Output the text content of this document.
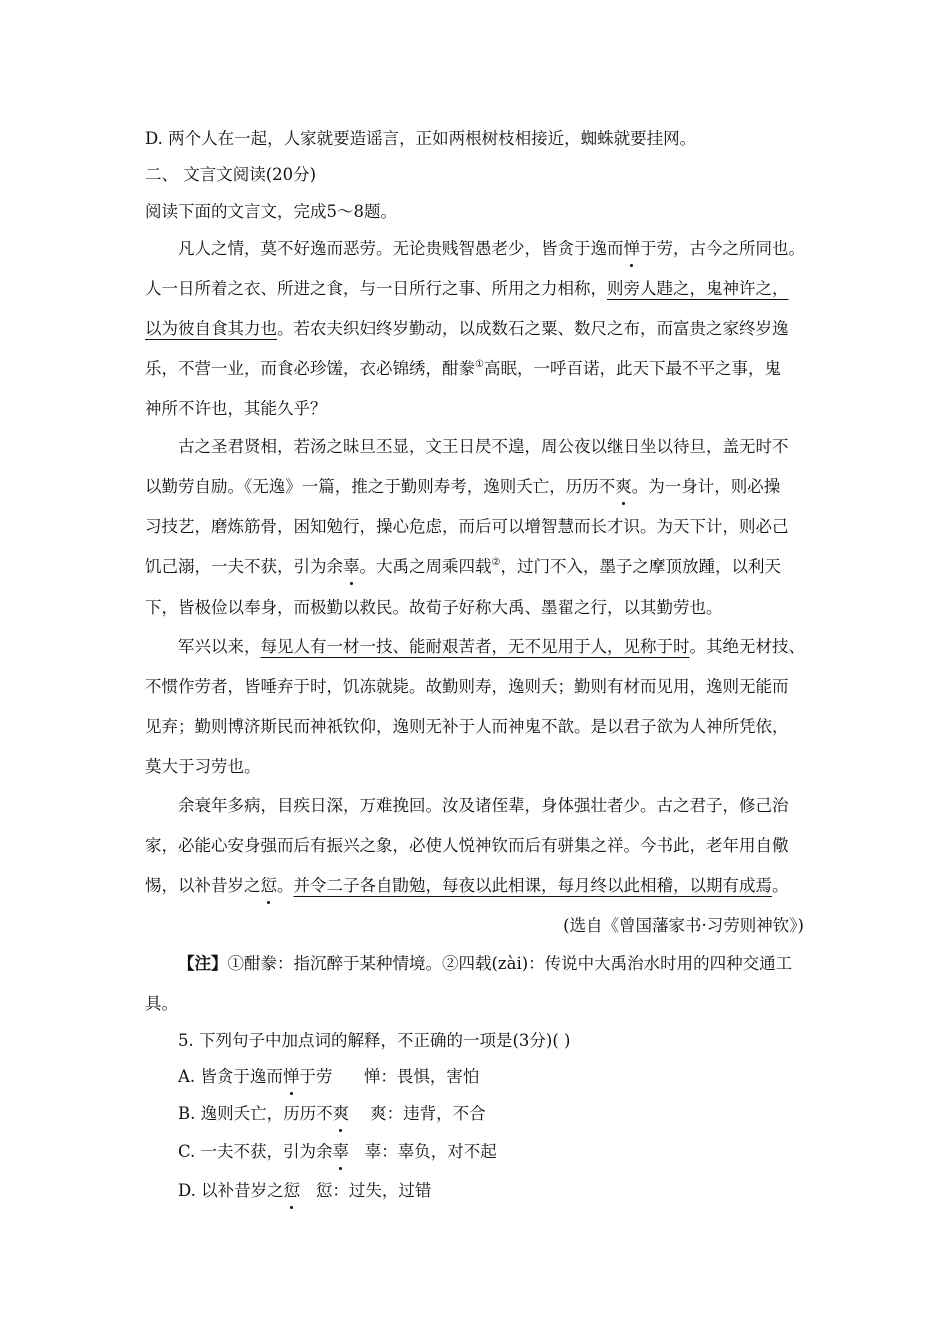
D. 两个人在一起，人家就要造谣言，正如两根树枝相接近，蜘蛛就要挂网。
二、 文言文阅读(20分)
阅读下面的文言文，完成5～8题。
凡人之情，莫不好逸而恶劳。无论贵贱智愚老少，皆贪于逸而惮于劳，古今之所同也。
人一日所着之衣、所进之食，与一日所行之事、所用之力相称，则旁人韪之，鬼神许之，
以为彼自食其力也。若农夫织妇终岁勤动，以成数石之粟、数尺之布，而富贵之家终岁逸
乐，不营一业，而食必珍馐，衣必锦绣，酣豢①高眠，一呼百诺，此天下最不平之事，鬼
神所不许也，其能久乎？
古之圣君贤相，若汤之昧旦丕显，文王日昃不遑，周公夜以继日坐以待旦，盖无时不
以勤劳自励。《无逸》一篇，推之于勤则寿考，逸则夭亡，历历不爽。为一身计，则必操
习技艺，磨炼筋骨，困知勉行，操心危虑，而后可以增智慧而长才识。为天下计，则必己
饥己溺，一夫不获，引为余辜。大禹之周乘四载②，过门不入，墨子之摩顶放踵，以利天
下，皆极俭以奉身，而极勤以救民。故荀子好称大禹、墨翟之行，以其勤劳也。
军兴以来，每见人有一材一技、能耐艰苦者，无不见用于人，见称于时。其绝无材技、
不惯作劳者，皆唾弃于时，饥冻就毙。故勤则寿，逸则夭；勤则有材而见用，逸则无能而
见弃；勤则博济斯民而神祇钦仰，逸则无补于人而神鬼不歆。是以君子欲为人神所凭依，
莫大于习劳也。
余衰年多病，目疾日深，万难挽回。汝及诸侄辈，身体强壮者少。古之君子，修己治
家，必能心安身强而后有振兴之象，必使人悦神钦而后有骈集之祥。今书此，老年用自儆
惕，以补昔岁之愆。并令二子各自勖勉，每夜以此相课，每月终以此相稽，以期有成焉。
(选自《曾国藩家书·习劳则神钦》)
【注】①酣豢：指沉醉于某种情境。②四载(zài)：传说中大禹治水时用的四种交通工
具。
5. 下列句子中加点词的解释，不正确的一项是(3分)( )
A. 皆贪于逸而惮于劳      惮：畏惧，害怕
B. 逸则夭亡，历历不爽    爽：违背，不合
C. 一夫不获，引为余辜   辜：辜负，对不起
D. 以补昔岁之愆   愆：过失，过错
